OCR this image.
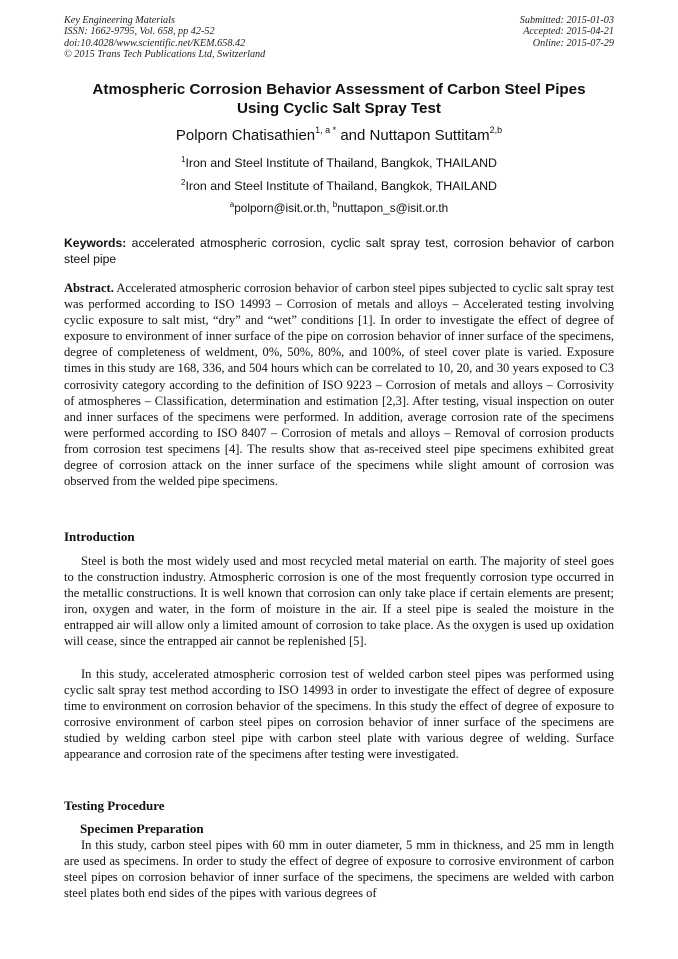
Key Engineering Materials
ISSN: 1662-9795, Vol. 658, pp 42-52
doi:10.4028/www.scientific.net/KEM.658.42
© 2015 Trans Tech Publications Ltd, Switzerland
Submitted: 2015-01-03
Accepted: 2015-04-21
Online: 2015-07-29
Atmospheric Corrosion Behavior Assessment of Carbon Steel Pipes
Using Cyclic Salt Spray Test
Polporn Chatisathien$^{1, a *}$ and Nuttapon Suttitam$^{2,b}$
$^1$Iron and Steel Institute of Thailand, Bangkok, THAILAND
$^2$Iron and Steel Institute of Thailand, Bangkok, THAILAND
$^a$polporn@isit.or.th, $^b$nuttapon_s@isit.or.th
Keywords: accelerated atmospheric corrosion, cyclic salt spray test, corrosion behavior of carbon steel pipe
Abstract. Accelerated atmospheric corrosion behavior of carbon steel pipes subjected to cyclic salt spray test was performed according to ISO 14993 – Corrosion of metals and alloys – Accelerated testing involving cyclic exposure to salt mist, “dry” and “wet” conditions [1]. In order to investigate the effect of degree of exposure to environment of inner surface of the pipe on corrosion behavior of inner surface of the specimens, degree of completeness of weldment, 0%, 50%, 80%, and 100%, of steel cover plate is varied. Exposure times in this study are 168, 336, and 504 hours which can be correlated to 10, 20, and 30 years exposed to C3 corrosivity category according to the definition of ISO 9223 – Corrosion of metals and alloys – Corrosivity of atmospheres – Classification, determination and estimation [2,3]. After testing, visual inspection on outer and inner surfaces of the specimens were performed. In addition, average corrosion rate of the specimens were performed according to ISO 8407 – Corrosion of metals and alloys – Removal of corrosion products from corrosion test specimens [4]. The results show that as-received steel pipe specimens exhibited great degree of corrosion attack on the inner surface of the specimens while slight amount of corrosion was observed from the welded pipe specimens.
Introduction
Steel is both the most widely used and most recycled metal material on earth. The majority of steel goes to the construction industry. Atmospheric corrosion is one of the most frequently corrosion type occurred in the metallic constructions. It is well known that corrosion can only take place if certain elements are present; iron, oxygen and water, in the form of moisture in the air. If a steel pipe is sealed the moisture in the entrapped air will allow only a limited amount of corrosion to take place. As the oxygen is used up oxidation will cease, since the entrapped air cannot be replenished [5].
In this study, accelerated atmospheric corrosion test of welded carbon steel pipes was performed using cyclic salt spray test method according to ISO 14993 in order to investigate the effect of degree of exposure time to environment on corrosion behavior of the specimens. In this study the effect of degree of exposure to corrosive environment of carbon steel pipes on corrosion behavior of inner surface of the specimens are studied by welding carbon steel pipe with carbon steel plate with various degree of welding. Surface appearance and corrosion rate of the specimens after testing were investigated.
Testing Procedure
Specimen Preparation
In this study, carbon steel pipes with 60 mm in outer diameter, 5 mm in thickness, and 25 mm in length are used as specimens. In order to study the effect of degree of exposure to corrosive environment of carbon steel pipes on corrosion behavior of inner surface of the specimens, the specimens are welded with carbon steel plates both end sides of the pipes with various degrees of
